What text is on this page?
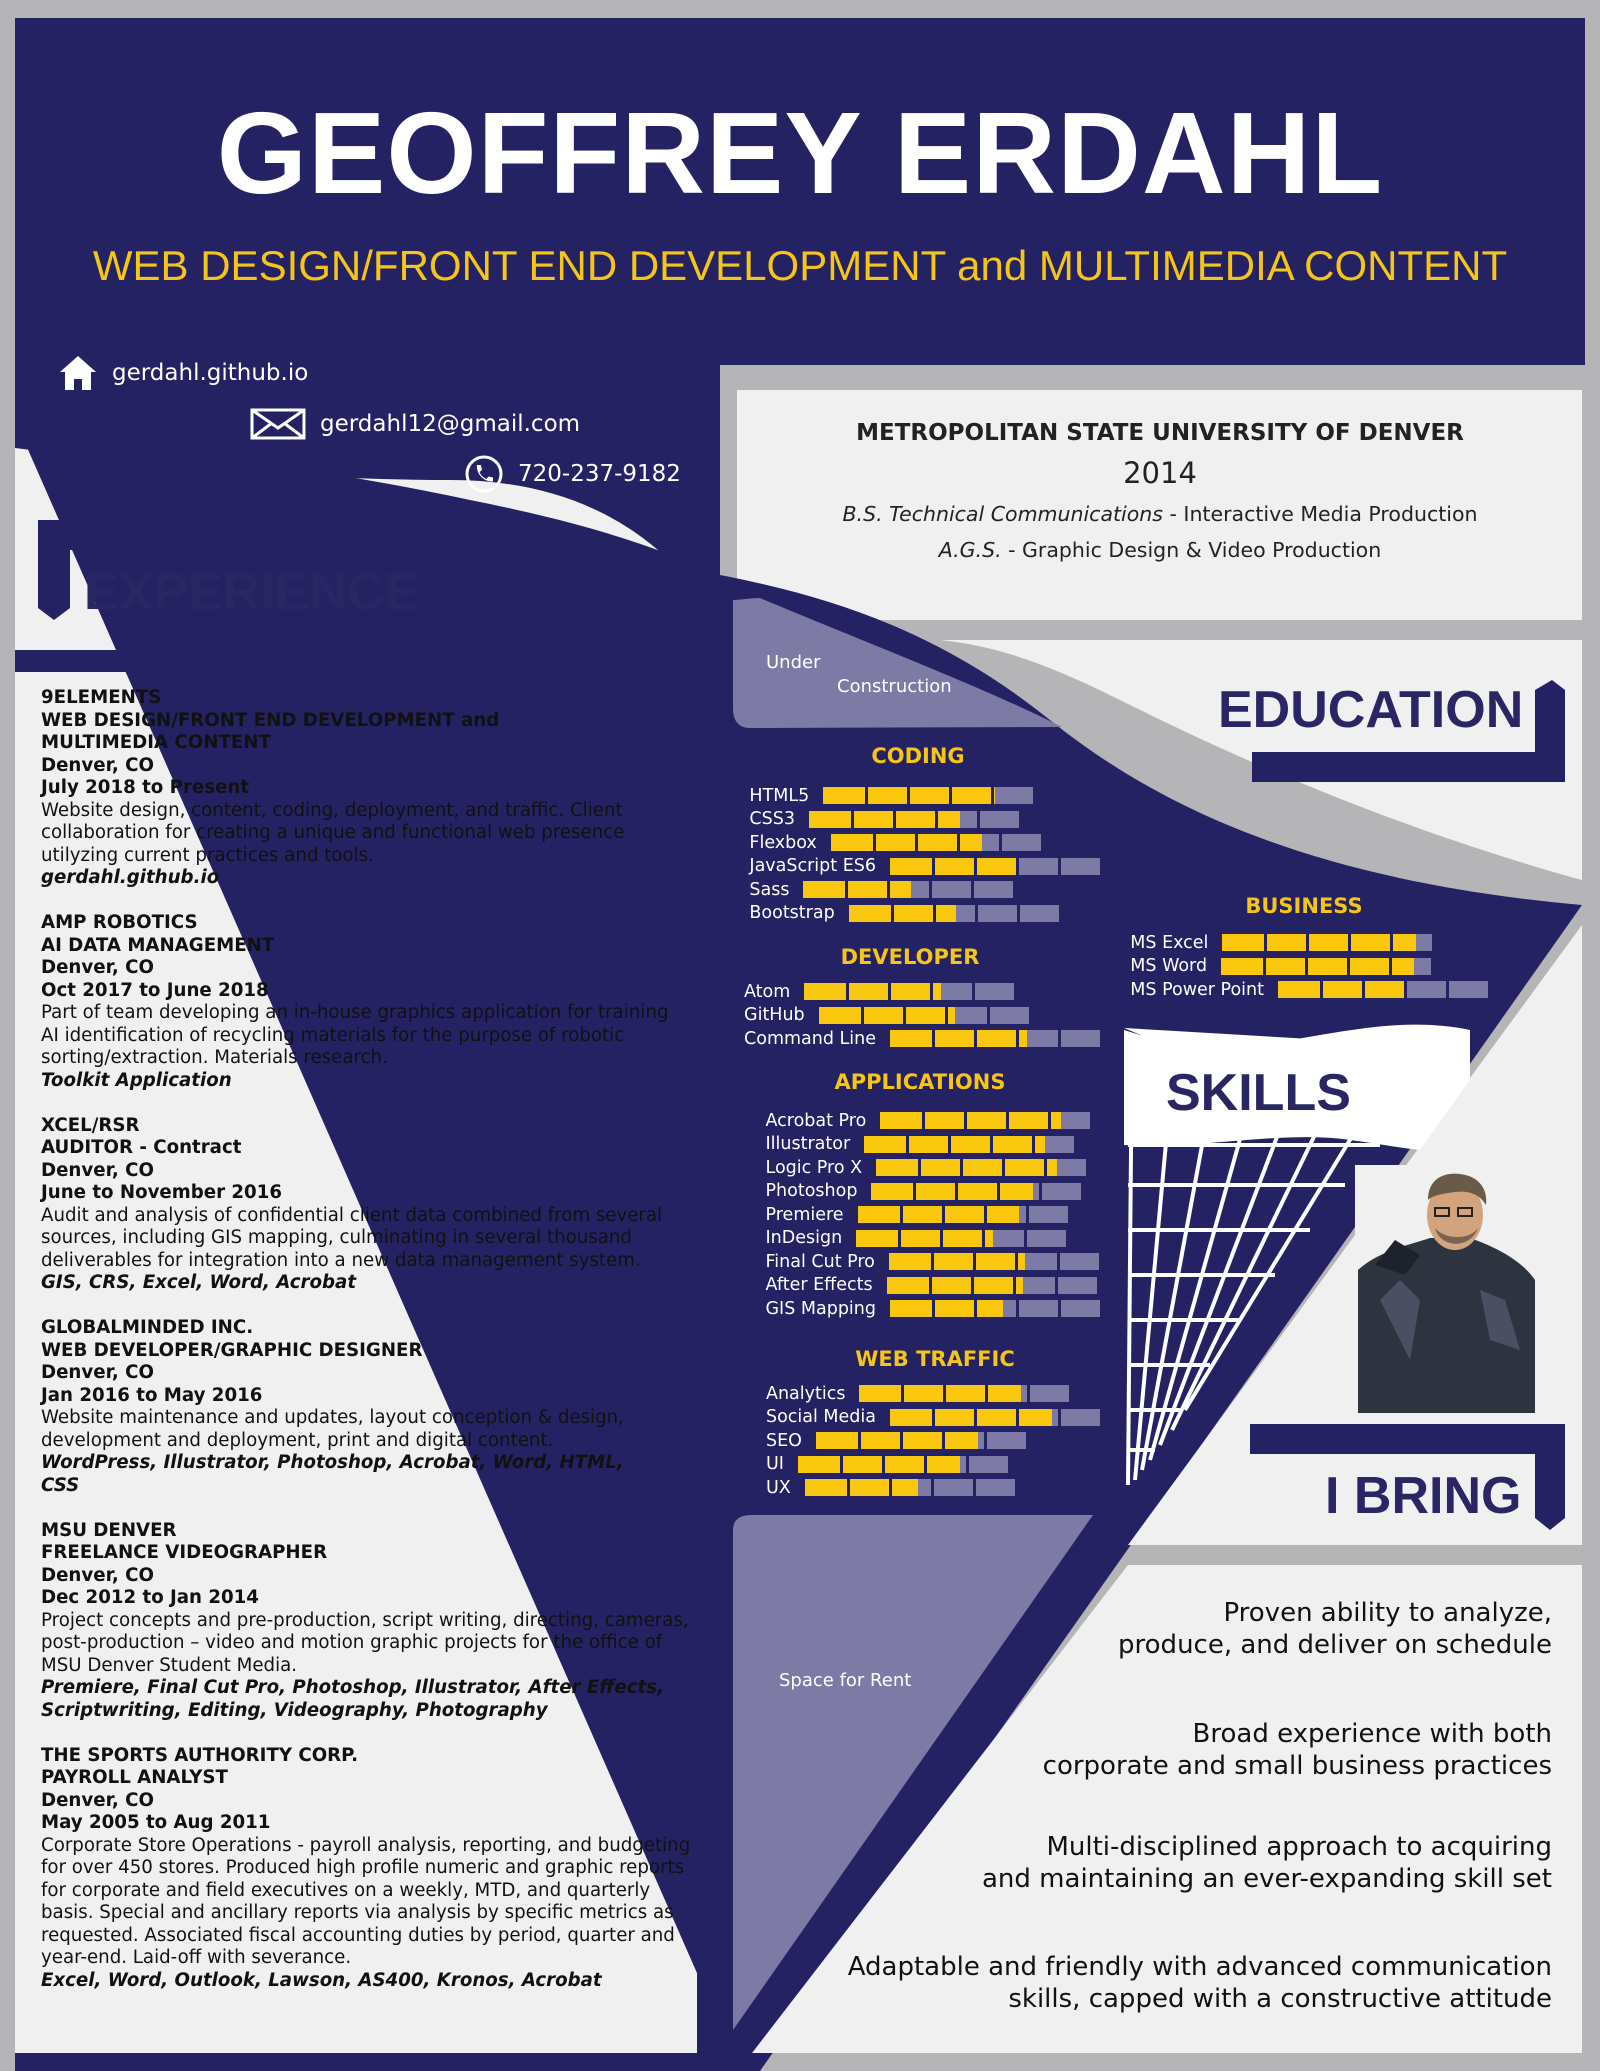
GEOFFREY ERDAHL
WEB DESIGN/FRONT END DEVELOPMENT and MULTIMEDIA CONTENT
gerdahl.github.io
gerdahl12@gmail.com
720-237-9182
EXPERIENCE
EDUCATION
SKILLS
I BRING
METROPOLITAN STATE UNIVERSITY OF DENVER
2014
B.S. Technical Communications - Interactive Media Production
A.G.S. - Graphic Design & Video Production
9ELEMENTS
WEB DESIGN/FRONT END DEVELOPMENT and MULTIMEDIA CONTENT
Denver, CO
July 2018 to Present
Website design, content, coding, deployment, and traffic. Client collaboration for creating a unique and functional web presence utilyzing current practices and tools.
gerdahl.github.io
AMP ROBOTICS
AI DATA MANAGEMENT
Denver, CO
Oct 2017 to June 2018
Part of team developing an in-house graphics application for training AI identification of recycling materials for the purpose of robotic sorting/extraction. Materials research.
Toolkit Application
XCEL/RSR
AUDITOR - Contract
Denver, CO
June to November 2016
Audit and analysis of confidential client data combined from several sources, including GIS mapping, culminating in several thousand deliverables for integration into a new data management system.
GIS, CRS, Excel, Word, Acrobat
GLOBALMINDED INC.
WEB DEVELOPER/GRAPHIC DESIGNER
Denver, CO
Jan 2016 to May 2016
Website maintenance and updates, layout conception & design, development and deployment, print and digital content.
WordPress, Illustrator, Photoshop, Acrobat, Word, HTML, CSS
MSU DENVER
FREELANCE VIDEOGRAPHER
Denver, CO
Dec 2012 to Jan 2014
Project concepts and pre-production, script writing, directing, cameras, post-production – video and motion graphic projects for the office of MSU Denver Student Media.
Premiere, Final Cut Pro, Photoshop, Illustrator, After Effects, Scriptwriting, Editing, Videography, Photography
THE SPORTS AUTHORITY CORP.
PAYROLL ANALYST
Denver, CO
May 2005 to Aug 2011
Corporate Store Operations - payroll analysis, reporting, and budgeting for over 450 stores. Produced high profile numeric and graphic reports for corporate and field executives on a weekly, MTD, and quarterly basis. Special and ancillary reports via analysis by specific metrics as requested. Associated fiscal accounting duties by period, quarter and year-end. Laid-off with severance.
Excel, Word, Outlook, Lawson, AS400, Kronos, Acrobat
Under
Construction
Space for Rent
CODING
HTML5
CSS3
Flexbox
JavaScript ES6
Sass
Bootstrap
DEVELOPER
Atom
GitHub
Command Line
APPLICATIONS
Acrobat Pro
Illustrator
Logic Pro X
Photoshop
Premiere
InDesign
Final Cut Pro
After Effects
GIS Mapping
WEB TRAFFIC
Analytics
Social Media
SEO
UI
UX
BUSINESS
MS Excel
MS Word
MS Power Point
Proven ability to analyze,
produce, and deliver on schedule
Broad experience with both
corporate and small business practices
Multi-disciplined approach to acquiring
and maintaining an ever-expanding skill set
Adaptable and friendly with advanced communication
skills, capped with a constructive attitude
